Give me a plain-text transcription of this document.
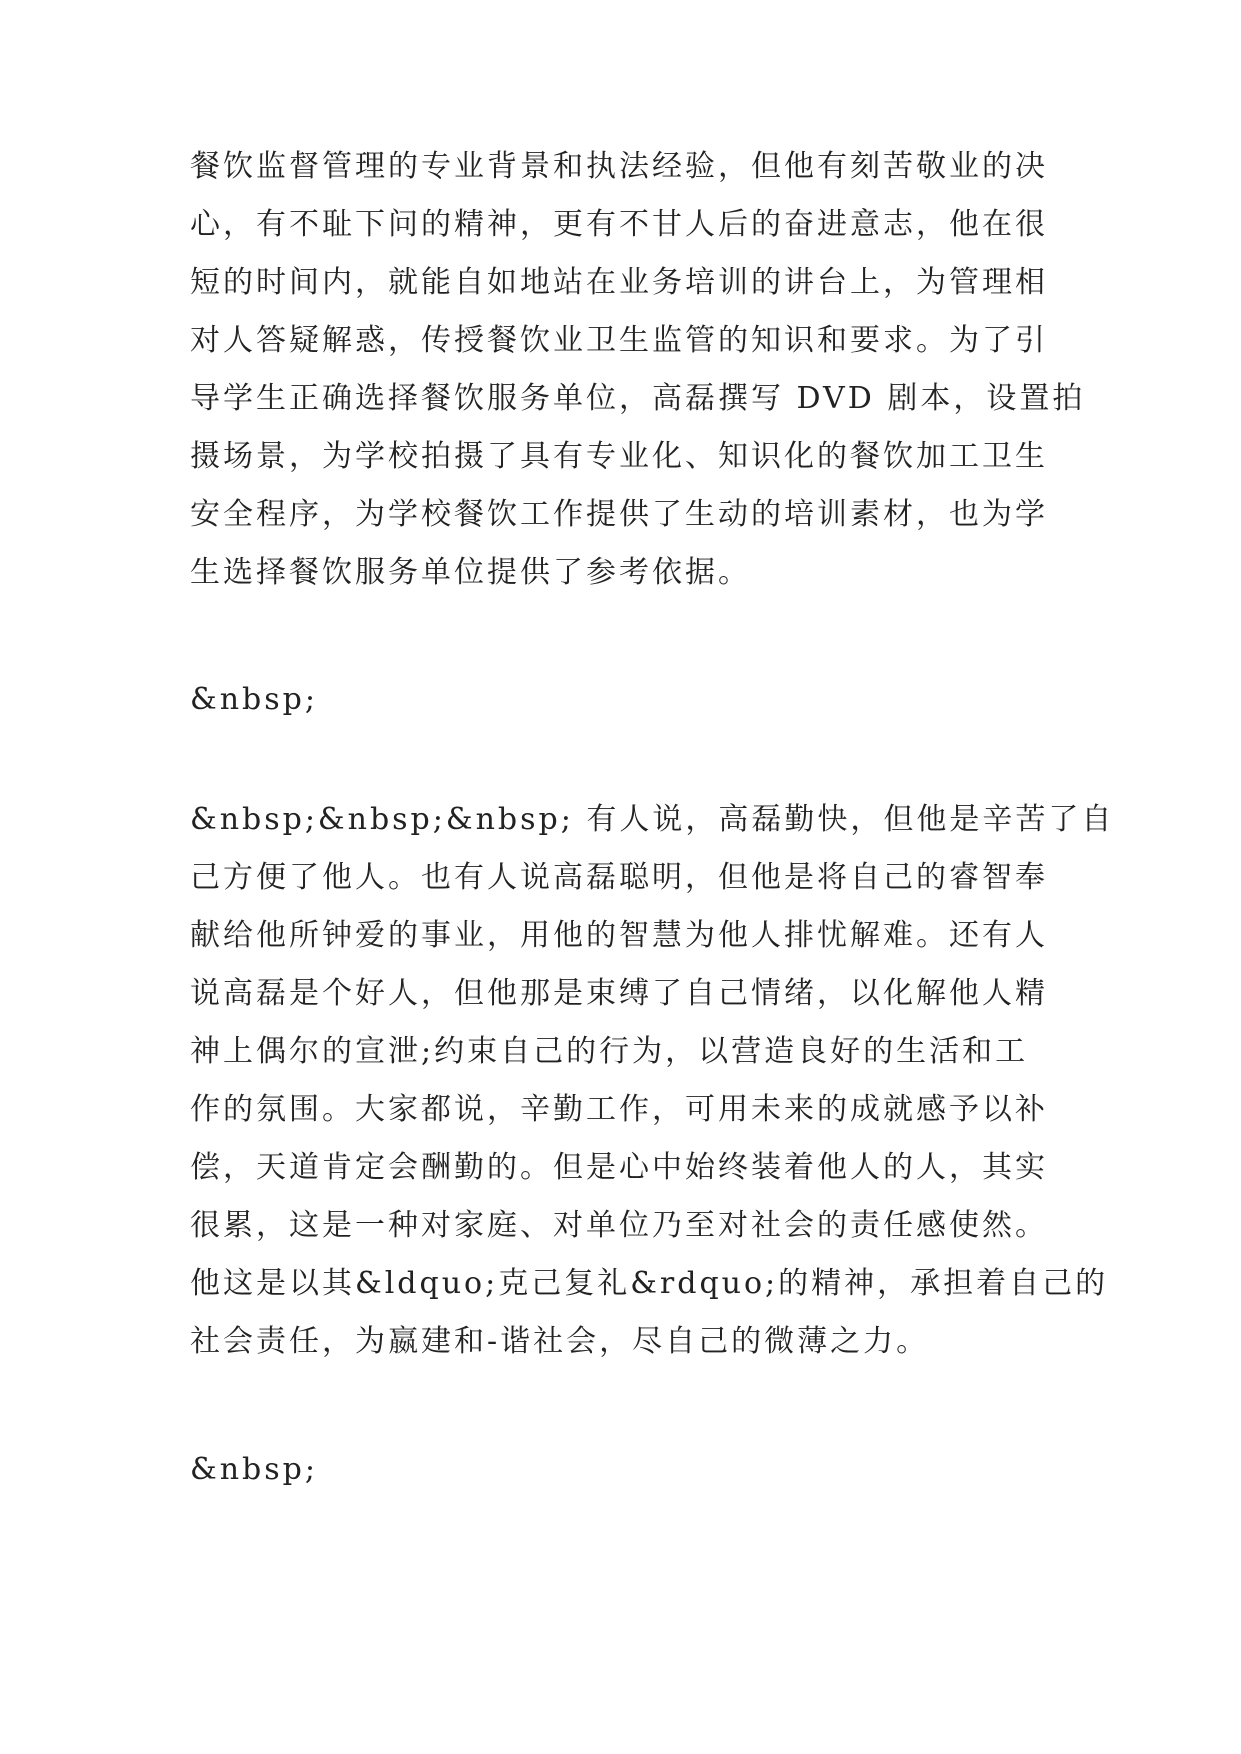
餐饮监督管理的专业背景和执法经验，但他有刻苦敬业的决
心，有不耻下问的精神，更有不甘人后的奋进意志，他在很
短的时间内，就能自如地站在业务培训的讲台上，为管理相
对人答疑解惑，传授餐饮业卫生监管的知识和要求。为了引
导学生正确选择餐饮服务单位，高磊撰写 DVD 剧本，设置拍
摄场景，为学校拍摄了具有专业化、知识化的餐饮加工卫生
安全程序，为学校餐饮工作提供了生动的培训素材，也为学
生选择餐饮服务单位提供了参考依据。
&nbsp;
&nbsp;&nbsp;&nbsp; 有人说，高磊勤快，但他是辛苦了自
己方便了他人。也有人说高磊聪明，但他是将自己的睿智奉
献给他所钟爱的事业，用他的智慧为他人排忧解难。还有人
说高磊是个好人，但他那是束缚了自己情绪，以化解他人精
神上偶尔的宣泄;约束自己的行为，以营造良好的生活和工
作的氛围。大家都说，辛勤工作，可用未来的成就感予以补
偿，天道肯定会酬勤的。但是心中始终装着他人的人，其实
很累，这是一种对家庭、对单位乃至对社会的责任感使然。
他这是以其&ldquo;克己复礼&rdquo;的精神，承担着自己的
社会责任，为嬴建和-谐社会，尽自己的微薄之力。
&nbsp;
